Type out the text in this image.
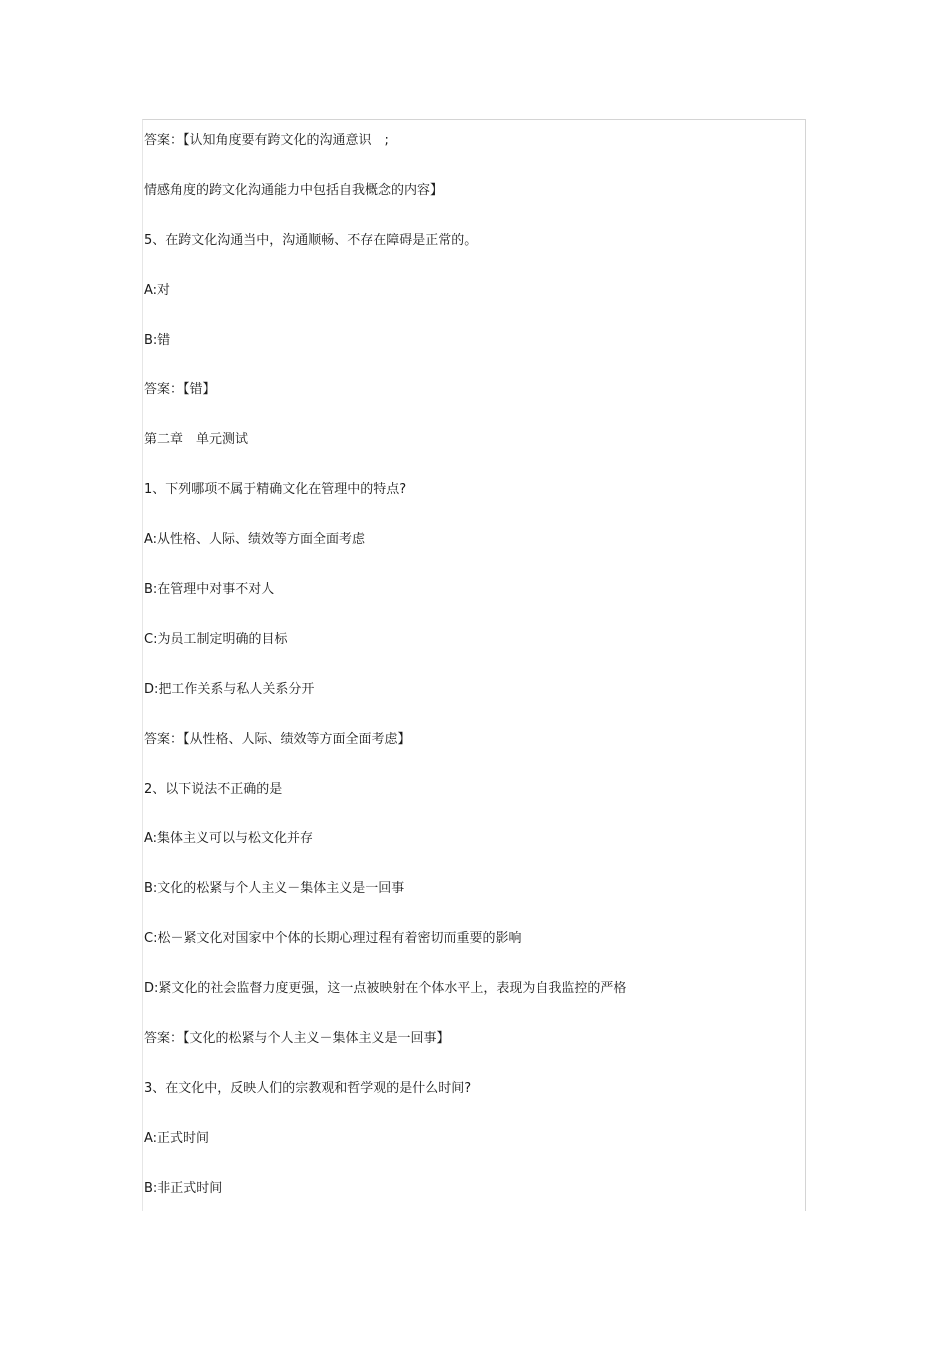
答案：【认知角度要有跨文化的沟通意识　;
情感角度的跨文化沟通能力中包括自我概念的内容】
5、在跨文化沟通当中，沟通顺畅、不存在障碍是正常的。
A:对
B:错
答案：【错】
第二章　单元测试
1、下列哪项不属于精确文化在管理中的特点?
A:从性格、人际、绩效等方面全面考虑
B:在管理中对事不对人
C:为员工制定明确的目标
D:把工作关系与私人关系分开
答案：【从性格、人际、绩效等方面全面考虑】
2、以下说法不正确的是
A:集体主义可以与松文化并存
B:文化的松紧与个人主义－集体主义是一回事
C:松－紧文化对国家中个体的长期心理过程有着密切而重要的影响
D:紧文化的社会监督力度更强，这一点被映射在个体水平上，表现为自我监控的严格
答案：【文化的松紧与个人主义－集体主义是一回事】
3、在文化中，反映人们的宗教观和哲学观的是什么时间?
A:正式时间
B:非正式时间
